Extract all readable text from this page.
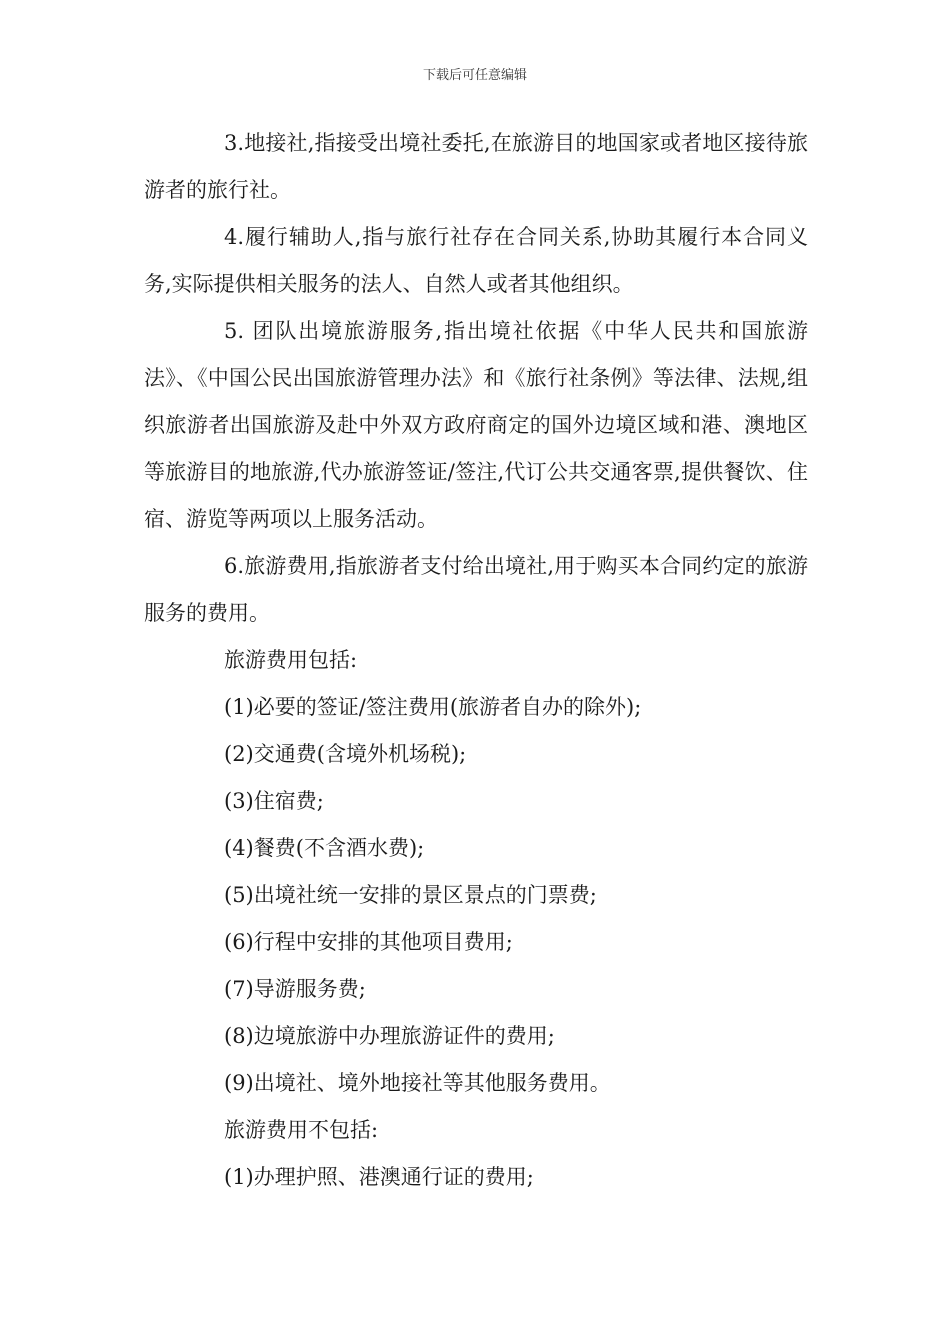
下载后可任意编辑

3.地接社,指接受出境社委托,在旅游目的地国家或者地区接待旅游者的旅行社。

4.履行辅助人,指与旅行社存在合同关系,协助其履行本合同义务,实际提供相关服务的法人、自然人或者其他组织。

5. 团队出境旅游服务,指出境社依据《中华人民共和国旅游法》、《中国公民出国旅游管理办法》和《旅行社条例》等法律、法规,组织旅游者出国旅游及赴中外双方政府商定的国外边境区域和港、澳地区等旅游目的地旅游,代办旅游签证/签注,代订公共交通客票,提供餐饮、住宿、游览等两项以上服务活动。

6.旅游费用,指旅游者支付给出境社,用于购买本合同约定的旅游服务的费用。

旅游费用包括:

(1)必要的签证/签注费用(旅游者自办的除外);

(2)交通费(含境外机场税);

(3)住宿费;

(4)餐费(不含酒水费);

(5)出境社统一安排的景区景点的门票费;

(6)行程中安排的其他项目费用;

(7)导游服务费;

(8)边境旅游中办理旅游证件的费用;

(9)出境社、境外地接社等其他服务费用。

旅游费用不包括:

(1)办理护照、港澳通行证的费用;
